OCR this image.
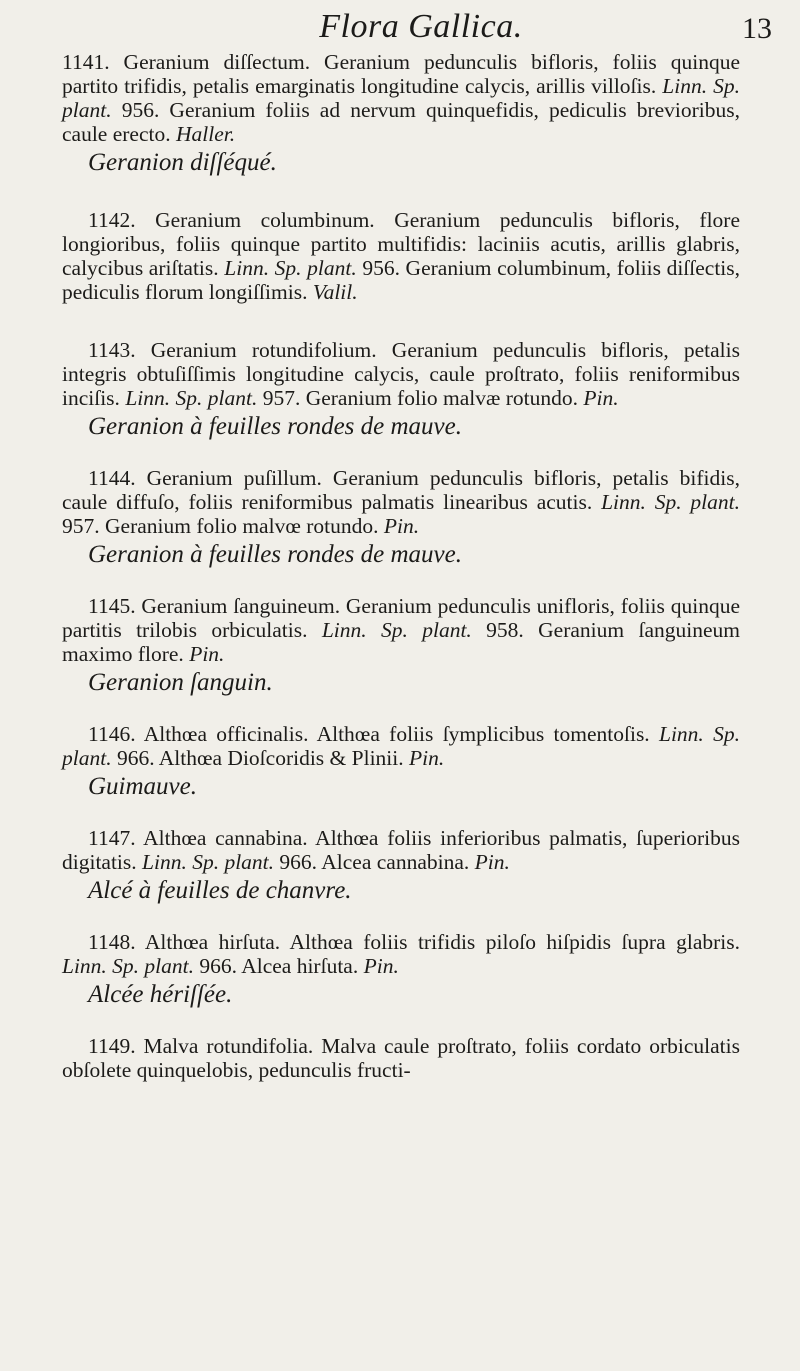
Flora Gallica.	13

1141. Geranium diſſectum. Geranium pedunculis bifloris, foliis quinque partito trifidis, petalis emarginatis longitudine calycis, arillis villoſis. Linn. Sp. plant. 956. Geranium foliis ad nervum quinquefidis, pediculis brevioribus, caule erecto. Haller.

Geranion diſſéqué.

1142. Geranium columbinum. Geranium pedunculis bifloris, flore longioribus, foliis quinque partito multifidis: laciniis acutis, arillis glabris, calycibus ariſtatis. Linn. Sp. plant. 956. Geranium columbinum, foliis diſſectis, pediculis florum longiſſimis. Valil.

1143. Geranium rotundifolium. Geranium pedunculis bifloris, petalis integris obtuſiſſimis longitudine calycis, caule proſtrato, foliis reniformibus inciſis. Linn. Sp. plant. 957. Geranium folio malvæ rotundo. Pin.

Geranion à feuilles rondes de mauve.

1144. Geranium puſillum. Geranium pedunculis bifloris, petalis bifidis, caule diffuſo, foliis reniformibus palmatis linearibus acutis. Linn. Sp. plant. 957. Geranium folio malvœ rotundo. Pin.

Geranion à feuilles rondes de mauve.

1145. Geranium ſanguineum. Geranium pedunculis unifloris, foliis quinque partitis trilobis orbiculatis. Linn. Sp. plant. 958. Geranium ſanguineum maximo flore. Pin.

Geranion ſanguin.

1146. Althœa officinalis. Althœa foliis ſymplicibus tomentoſis. Linn. Sp. plant. 966. Althœa Dioſcoridis & Plinii. Pin.

Guimauve.

1147. Althœa cannabina. Althœa foliis inferioribus palmatis, ſuperioribus digitatis. Linn. Sp. plant. 966. Alcea cannabina. Pin.

Alcé à feuilles de chanvre.

1148. Althœa hirſuta. Althœa foliis trifidis piloſo hiſpidis ſupra glabris. Linn. Sp. plant. 966. Alcea hirſuta. Pin.

Alcée hériſſée.

1149. Malva rotundifolia. Malva caule proſtrato, foliis cordato orbiculatis obſolete quinquelobis, pedunculis fructi-
